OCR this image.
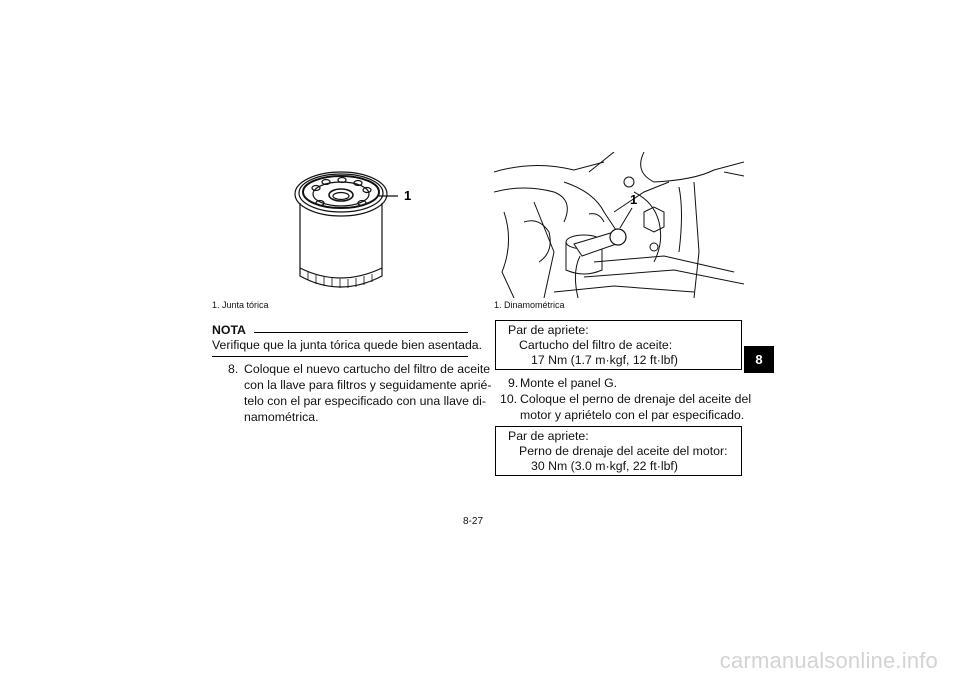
1
1. Junta tórica
1
1. Dinamométrica
NOTA
Verifique que la junta tórica quede bien asentada.
8. Coloque el nuevo cartucho del filtro de aceite
con la llave para filtros y seguidamente aprié-
telo con el par especificado con una llave di-
namométrica.
Par de apriete:
Cartucho del filtro de aceite:
17 Nm (1.7 m·kgf, 12 ft·lbf)
9. Monte el panel G.
10. Coloque el perno de drenaje del aceite del
motor y apriételo con el par especificado.
Par de apriete:
Perno de drenaje del aceite del motor:
30 Nm (3.0 m·kgf, 22 ft·lbf)
8
8-27
carmanualsonline.info
